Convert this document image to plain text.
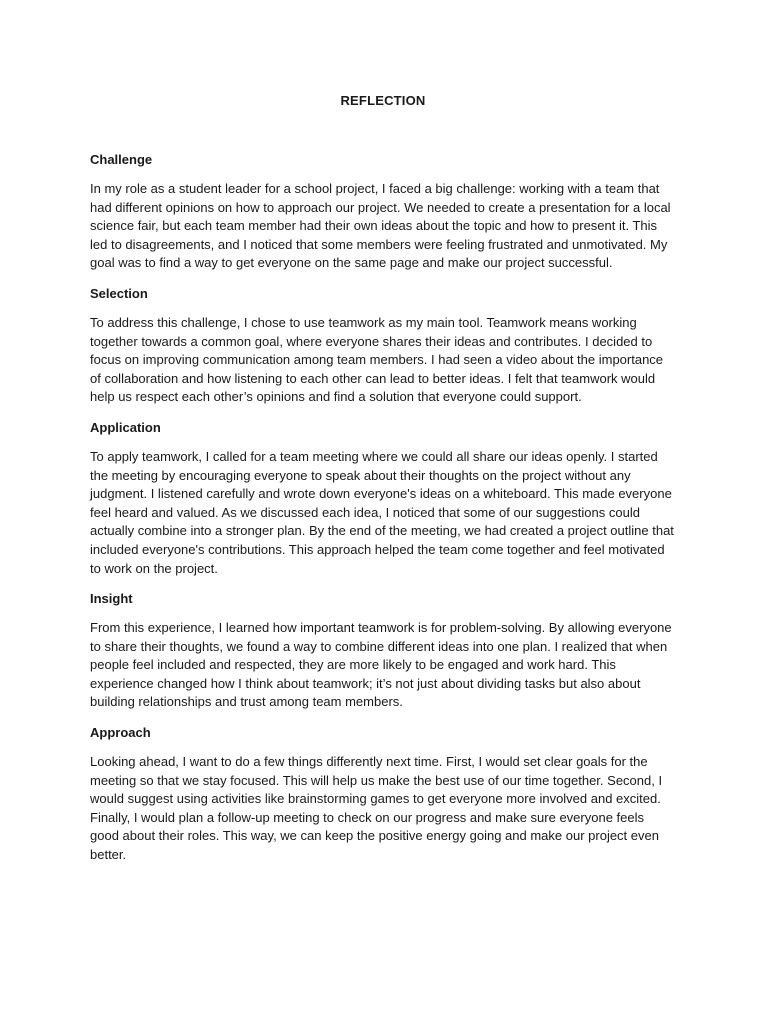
REFLECTION
Challenge

In my role as a student leader for a school project, I faced a big challenge: working with a team that had different opinions on how to approach our project. We needed to create a presentation for a local science fair, but each team member had their own ideas about the topic and how to present it. This led to disagreements, and I noticed that some members were feeling frustrated and unmotivated. My goal was to find a way to get everyone on the same page and make our project successful.

Selection

To address this challenge, I chose to use teamwork as my main tool. Teamwork means working together towards a common goal, where everyone shares their ideas and contributes. I decided to focus on improving communication among team members. I had seen a video about the importance of collaboration and how listening to each other can lead to better ideas. I felt that teamwork would help us respect each other’s opinions and find a solution that everyone could support.

Application

To apply teamwork, I called for a team meeting where we could all share our ideas openly. I started the meeting by encouraging everyone to speak about their thoughts on the project without any judgment. I listened carefully and wrote down everyone's ideas on a whiteboard. This made everyone feel heard and valued. As we discussed each idea, I noticed that some of our suggestions could actually combine into a stronger plan. By the end of the meeting, we had created a project outline that included everyone's contributions. This approach helped the team come together and feel motivated to work on the project.

Insight

From this experience, I learned how important teamwork is for problem-solving. By allowing everyone to share their thoughts, we found a way to combine different ideas into one plan. I realized that when people feel included and respected, they are more likely to be engaged and work hard. This experience changed how I think about teamwork; it’s not just about dividing tasks but also about building relationships and trust among team members.

Approach

Looking ahead, I want to do a few things differently next time. First, I would set clear goals for the meeting so that we stay focused. This will help us make the best use of our time together. Second, I would suggest using activities like brainstorming games to get everyone more involved and excited. Finally, I would plan a follow-up meeting to check on our progress and make sure everyone feels good about their roles. This way, we can keep the positive energy going and make our project even better.
